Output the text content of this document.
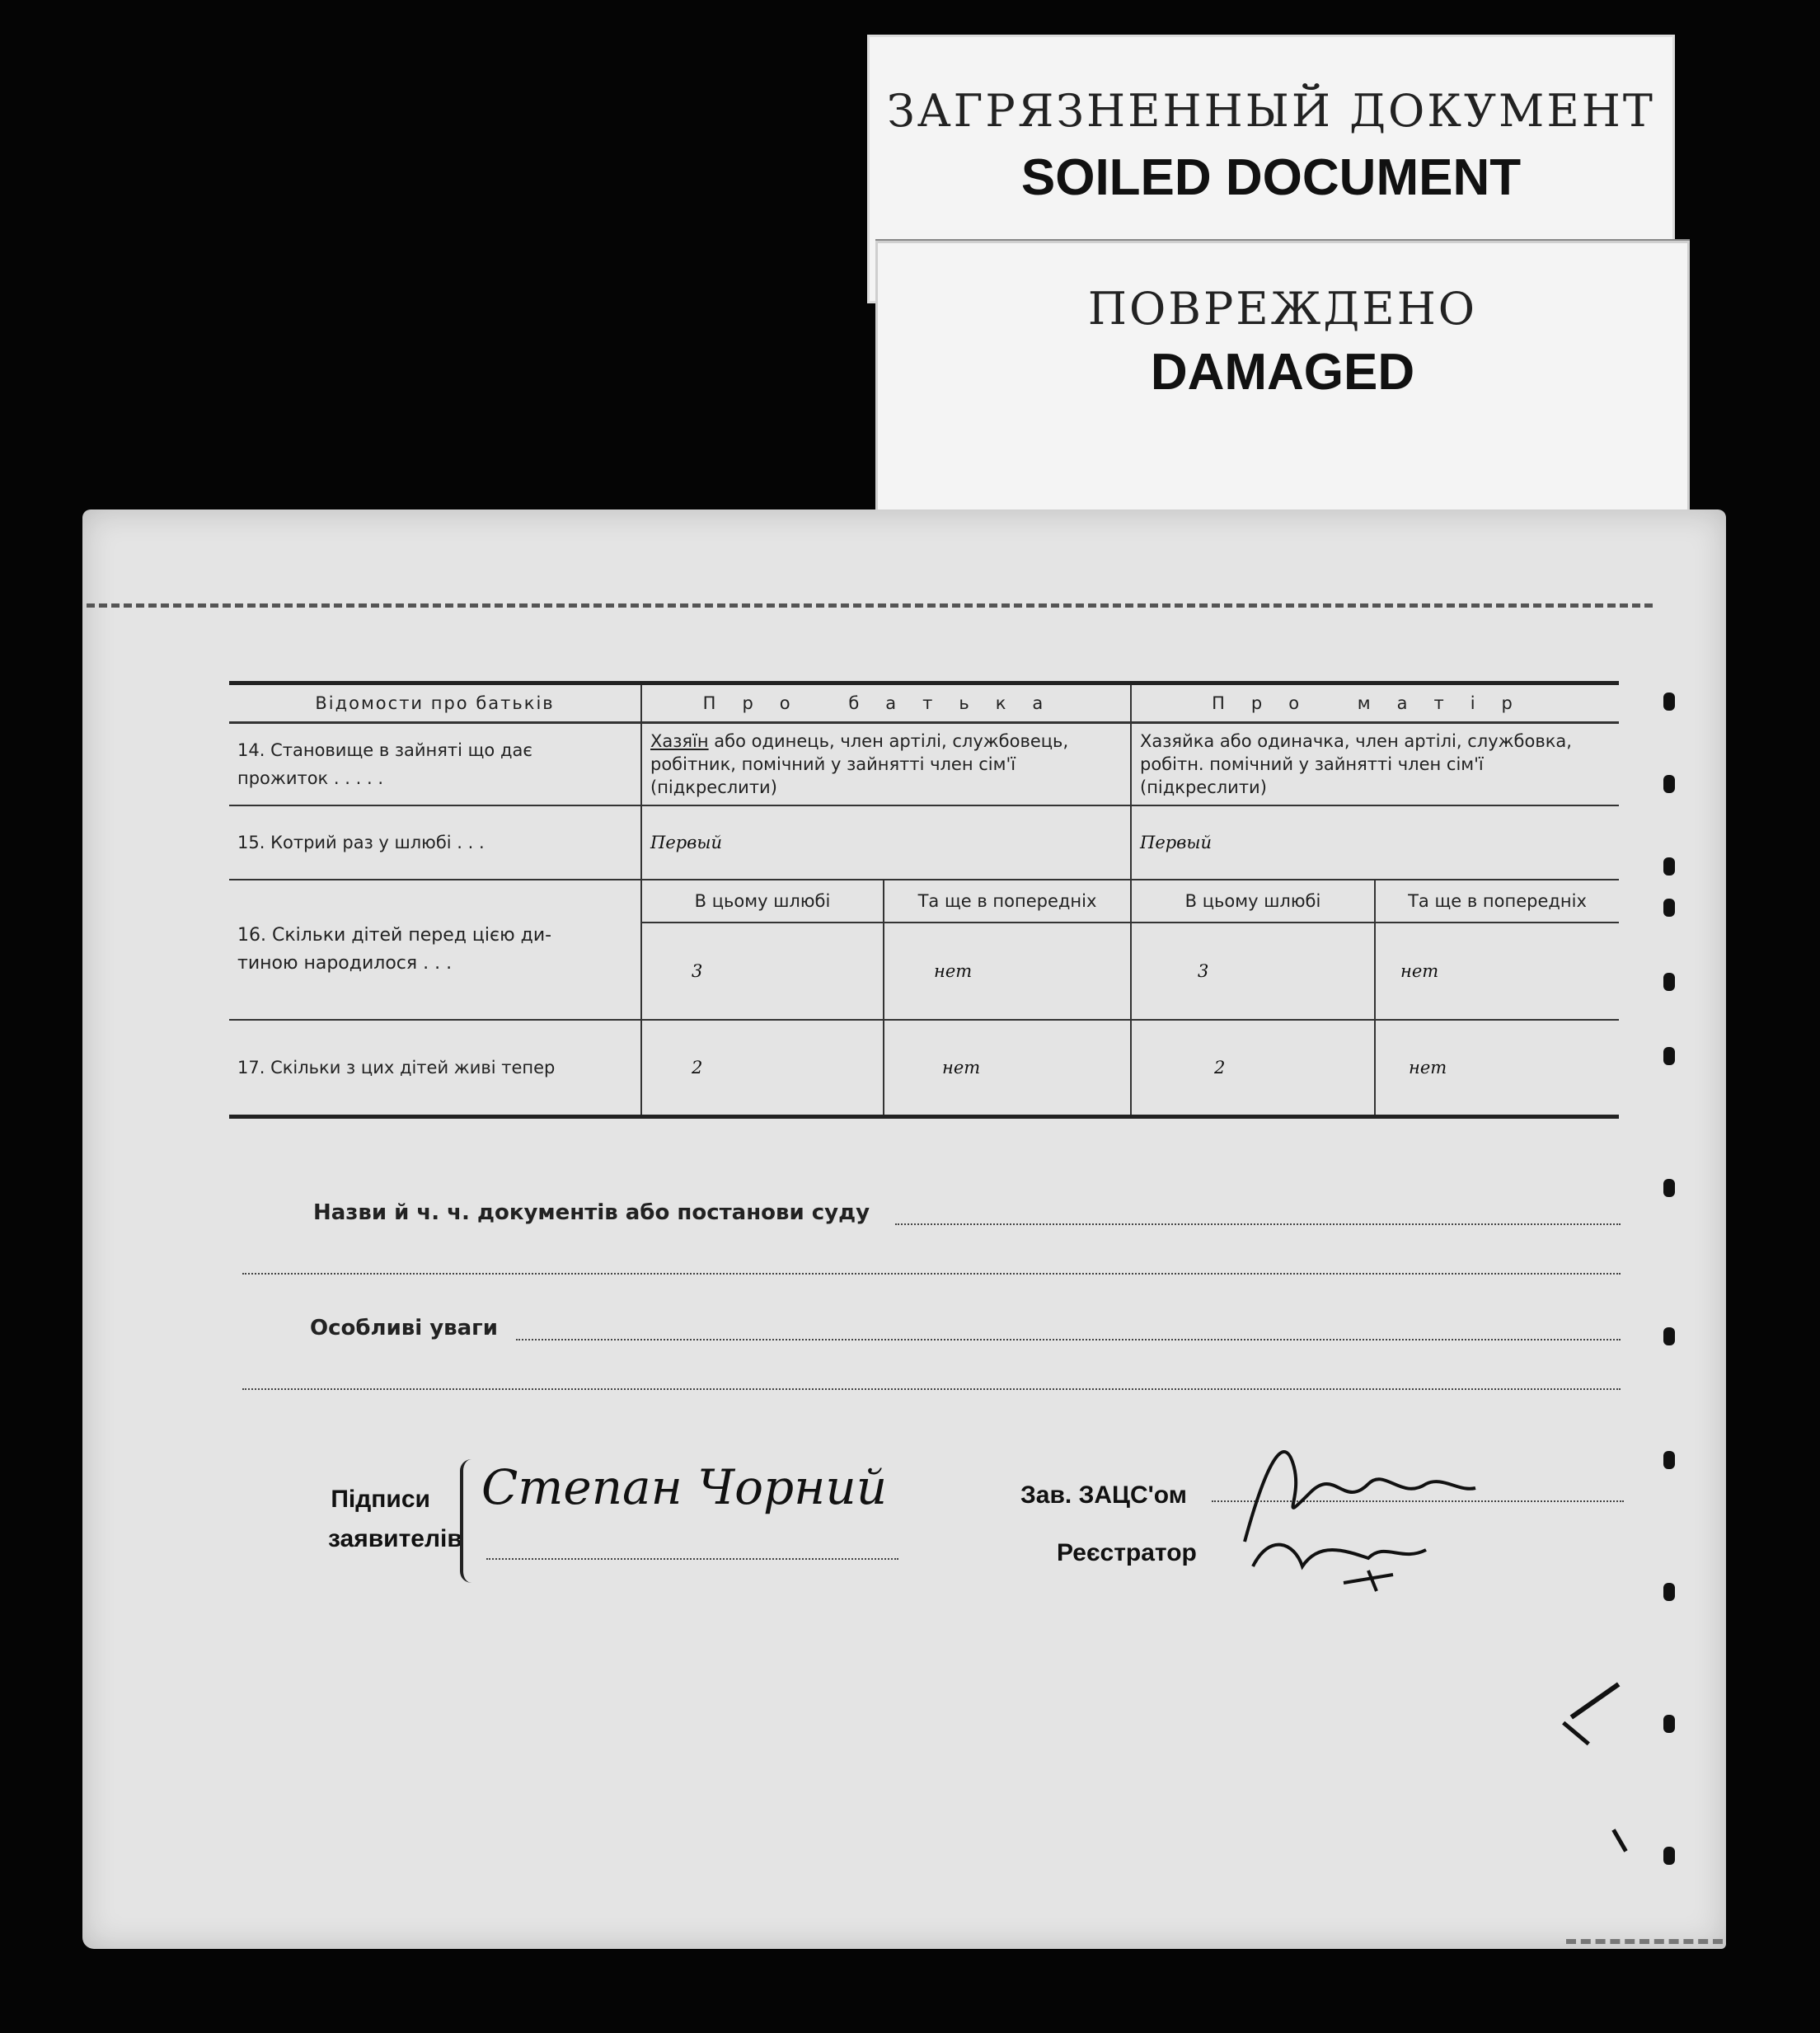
ЗАГРЯЗНЕННЫЙ ДОКУМЕНТ
SOILED DOCUMENT
ПОВРЕЖДЕНО
DAMAGED
Відомости про батьків	Про батька		Про матір	

14. Становище в зайняті що дає
прожиток . . . . .	Хазяїн або одинець, член артілі, службовець, робітник, помічний у зайнятті член сім'ї (підкреслити)		Хазяйка або одиначка, член артілі, службовка, робітн. помічний у зайнятті член сім'ї (підкреслити)	
15. Котрий раз у шлюбі . . .	Первый		Первый	

16. Скільки дітей перед цією ди-
тиною народилося . . .	В цьому шлюбі	Та ще в попередніх	В цьому шлюбі	Та ще в попередніх
	3	нет	3	нет
17. Скільки з цих дітей живі тепер	2	нет	2	нет
Назви й ч. ч. документів або постанови суду
Особливі уваги
Підписи
заявителів
Степан Чорний	Зав. ЗАЦС'ом
Реєстратор
